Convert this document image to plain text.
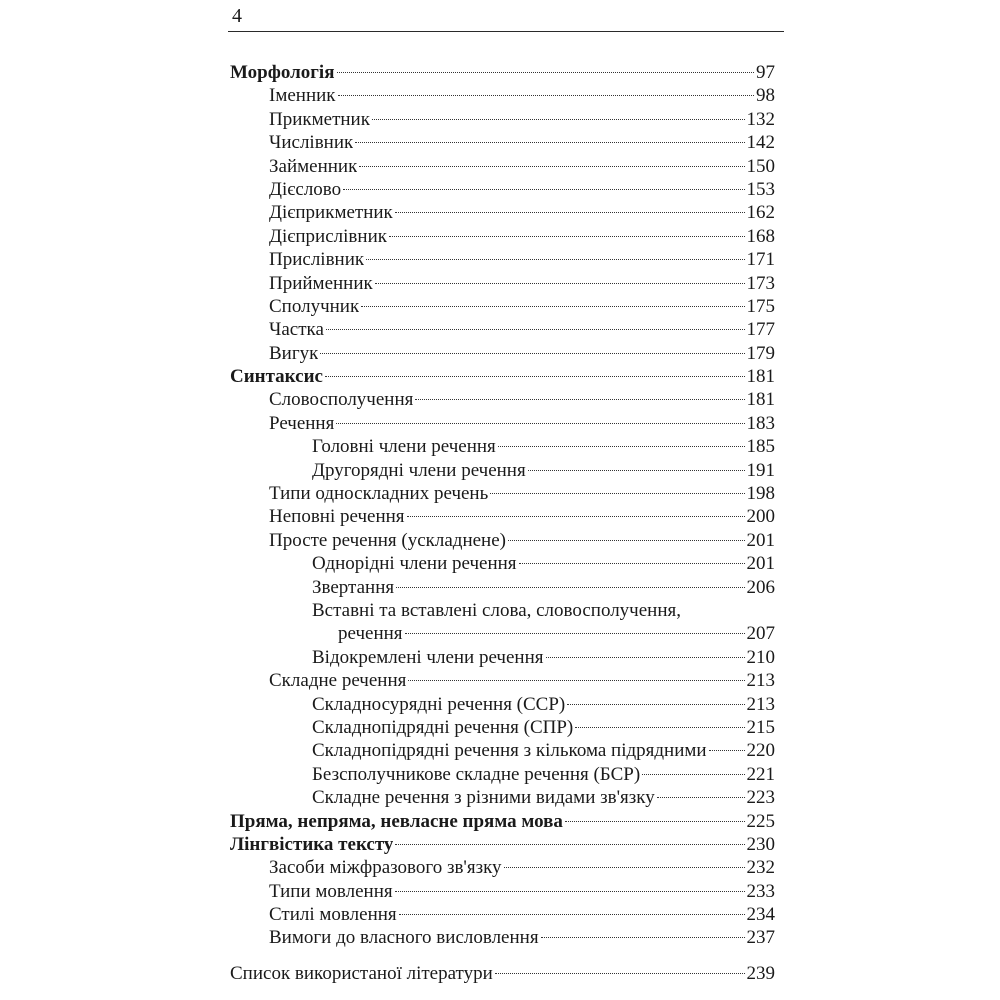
4
Морфологія	97
Іменник	98
Прикметник	132
Числівник	142
Займенник	150
Дієслово	153
Дієприкметник	162
Дієприслівник	168
Прислівник	171
Прийменник	173
Сполучник	175
Частка	177
Вигук	179
Синтаксис	181
Словосполучення	181
Речення	183
Головні члени речення	185
Другорядні члени речення	191
Типи односкладних речень	198
Неповні речення	200
Просте речення (ускладнене)	201
Однорідні члени речення	201
Звертання	206
Вставні та вставлені слова, словосполучення,
речення	207
Відокремлені члени речення	210
Складне речення	213
Складносурядні речення (ССР)	213
Складнопідрядні речення (СПР)	215
Складнопідрядні речення з кількома підрядними 220
Безсполучникове складне речення (БСР)	221
Складне речення з різними видами зв'язку	223
Пряма, непряма, невласне пряма мова	225
Лінгвістика тексту	230
Засоби міжфразового зв'язку	232
Типи мовлення	233
Стилі мовлення	234
Вимоги до власного висловлення	237
Список використаної літератури	239
